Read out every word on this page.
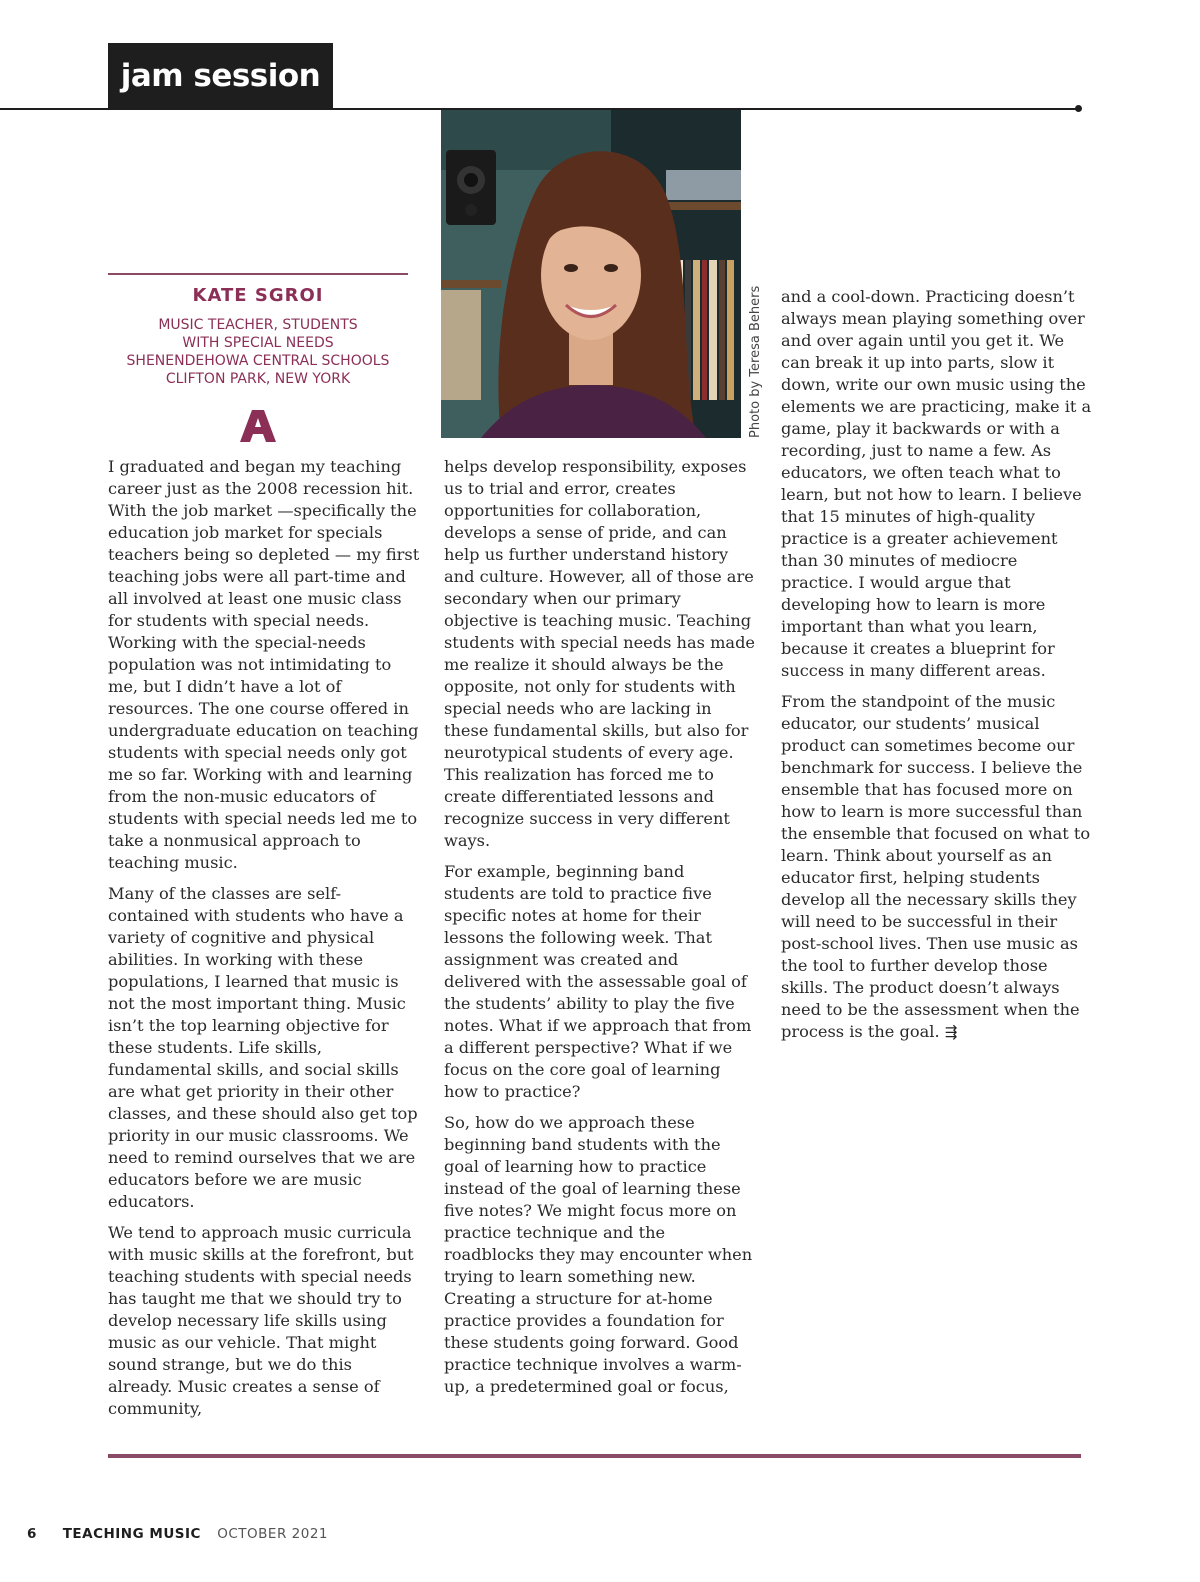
jam session
Photo by Teresa Behers
KATE SGROI
MUSIC TEACHER, STUDENTS
WITH SPECIAL NEEDS
SHENENDEHOWA CENTRAL SCHOOLS
CLIFTON PARK, NEW YORK

I graduated and began my teaching career just as the 2008 recession hit. With the job market —specifically the education job market for specials teachers being so depleted — my first teaching jobs were all part-time and all involved at least one music class for students with special needs. Working with the special-needs population was not intimidating to me, but I didn’t have a lot of resources. The one course offered in undergraduate education on teaching students with special needs only got me so far. Working with and learning from the non-music educators of students with special needs led me to take a nonmusical approach to teaching music.

Many of the classes are self-contained with students who have a variety of cognitive and physical abilities. In working with these populations, I learned that music is not the most important thing. Music isn’t the top learning objective for these students. Life skills, fundamental skills, and social skills are what get priority in their other classes, and these should also get top priority in our music classrooms. We need to remind ourselves that we are educators before we are music educators.

We tend to approach music curricula with music skills at the forefront, but teaching students with special needs has taught me that we should try to develop necessary life skills using music as our vehicle. That might sound strange, but we do this already. Music creates a sense of community,

helps develop responsibility, exposes us to trial and error, creates opportunities for collaboration, develops a sense of pride, and can help us further understand history and culture. However, all of those are secondary when our primary objective is teaching music. Teaching students with special needs has made me realize it should always be the opposite, not only for students with special needs who are lacking in these fundamental skills, but also for neurotypical students of every age. This realization has forced me to create differentiated lessons and recognize success in very different ways.

For example, beginning band students are told to practice five specific notes at home for their lessons the following week. That assignment was created and delivered with the assessable goal of the students’ ability to play the five notes. What if we approach that from a different perspective? What if we focus on the core goal of learning how to practice?

So, how do we approach these beginning band students with the goal of learning how to practice instead of the goal of learning these five notes? We might focus more on practice technique and the roadblocks they may encounter when trying to learn something new. Creating a structure for at-home practice provides a foundation for these students going forward. Good practice technique involves a warm-up, a predetermined goal or focus,

and a cool-down. Practicing doesn’t always mean playing something over and over again until you get it. We can break it up into parts, slow it down, write our own music using the elements we are practicing, make it a game, play it backwards or with a recording, just to name a few. As educators, we often teach what to learn, but not how to learn. I believe that 15 minutes of high-quality practice is a greater achievement than 30 minutes of mediocre practice. I would argue that developing how to learn is more important than what you learn, because it creates a blueprint for success in many different areas.

From the standpoint of the music educator, our students’ musical product can sometimes become our benchmark for success. I believe the ensemble that has focused more on how to learn is more successful than the ensemble that focused on what to learn. Think about yourself as an educator first, helping students develop all the necessary skills they will need to be successful in their post-school lives. Then use music as the tool to further develop those skills. The product doesn’t always need to be the assessment when the process is the goal. ⇶

6 TEACHING MUSIC OCTOBER 2021
